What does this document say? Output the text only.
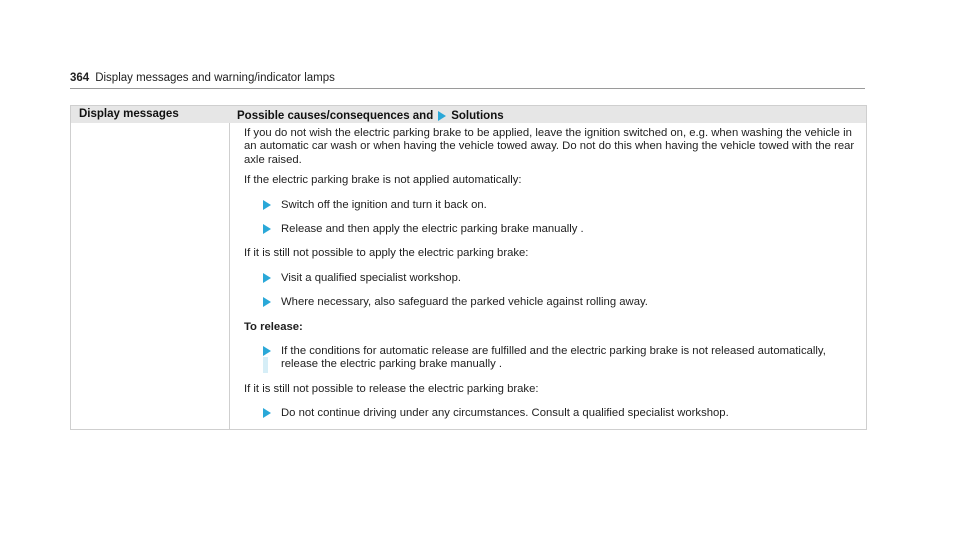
364 Display messages and warning/indicator lamps
Display messages	Possible causes/consequences and Solutions

If you do not wish the electric parking brake to be applied, leave the ignition switched on, e.g. when washing the vehicle in an automatic car wash or when having the vehicle towed away. Do not do this when having the vehicle towed with the rear axle raised.

If the electric parking brake is not applied automatically:

Switch off the ignition and turn it back on.
Release and then apply the electric parking brake manually .

If it is still not possible to apply the electric parking brake:

Visit a qualified specialist workshop.
Where necessary, also safeguard the parked vehicle against rolling away.

To release:

If the conditions for automatic release are fulfilled and the electric parking brake is not released automatically, release the electric parking brake manually .

If it is still not possible to release the electric parking brake:

Do not continue driving under any circumstances. Consult a qualified specialist workshop.
